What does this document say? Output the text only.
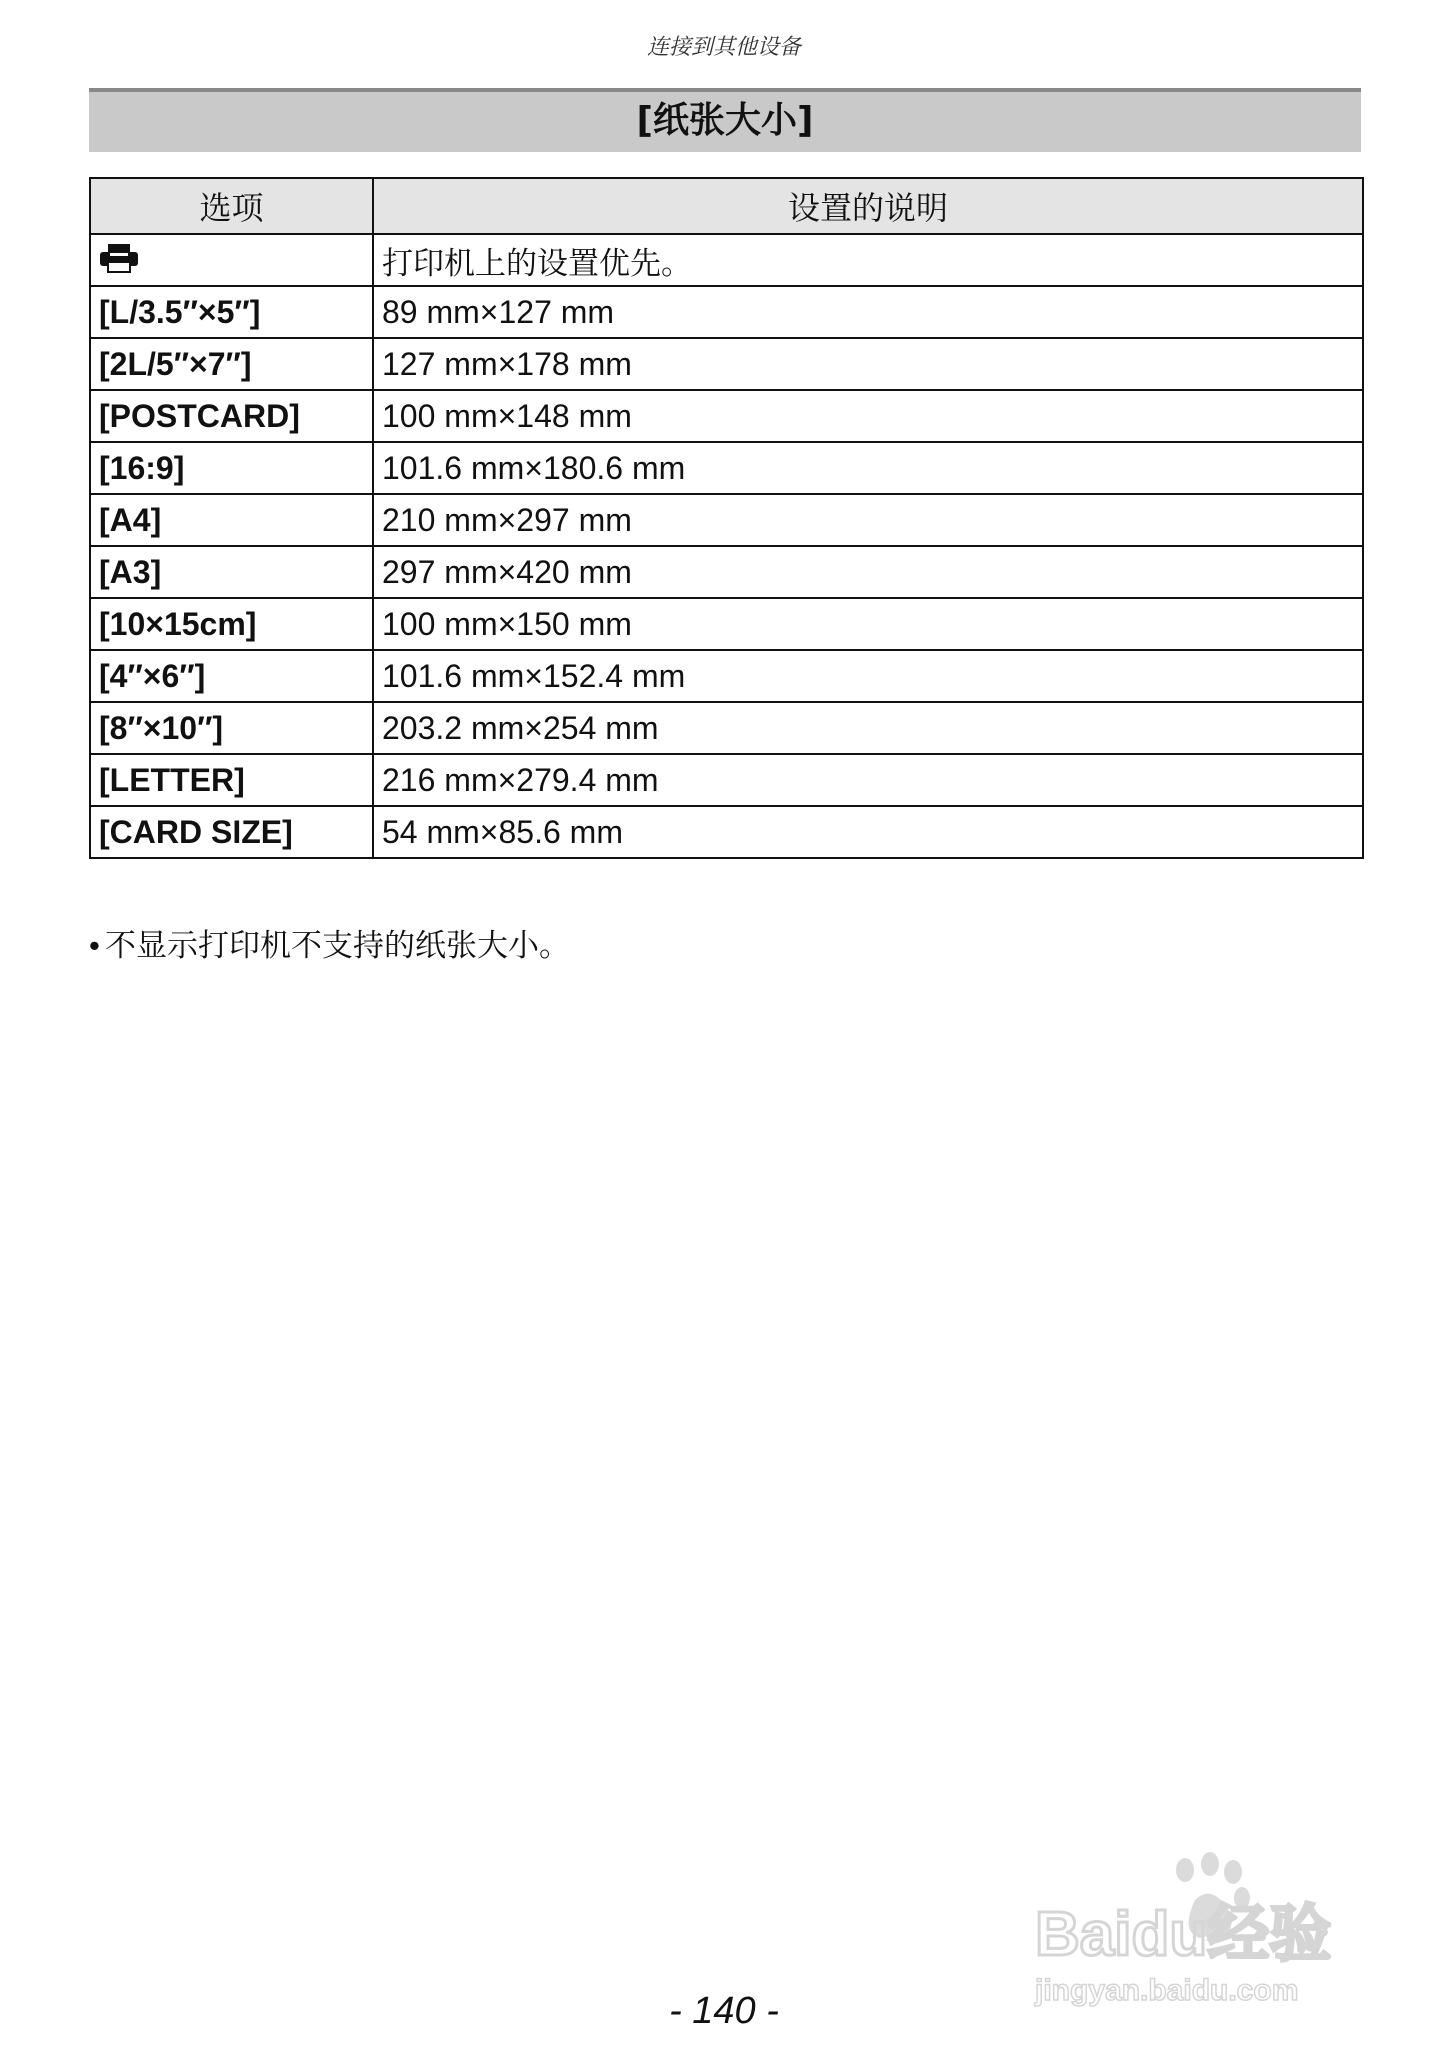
连接到其他设备
[纸张大小]
选项	设置的说明
	打印机上的设置优先。
[L/3.5″×5″]	89 mm×127 mm
[2L/5″×7″]	127 mm×178 mm
[POSTCARD]	100 mm×148 mm
[16:9]	101.6 mm×180.6 mm
[A4]	210 mm×297 mm
[A3]	297 mm×420 mm
[10×15cm]	100 mm×150 mm
[4″×6″]	101.6 mm×152.4 mm
[8″×10″]	203.2 mm×254 mm
[LETTER]	216 mm×279.4 mm
[CARD SIZE]	54 mm×85.6 mm
• 不显示打印机不支持的纸张大小。
Baidu经验
jingyan.baidu.com
- 140 -
